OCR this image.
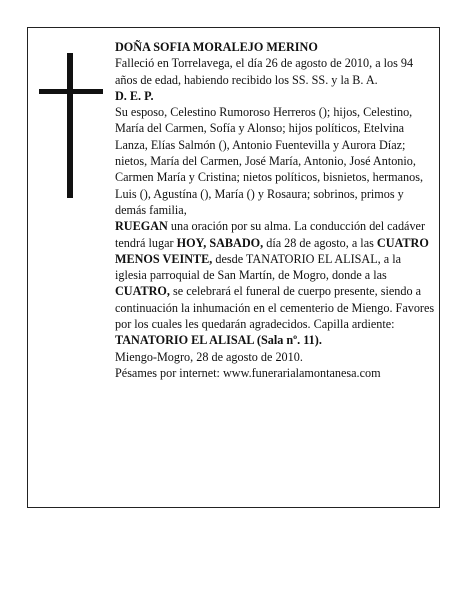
DOÑA SOFIA MORALEJO MERINO

Falleció en Torrelavega, el día 26 de agosto de 2010, a los 94 años de edad, habiendo recibido los SS. SS. y la B. A.

D. E. P.

Su esposo, Celestino Rumoroso Herreros (); hijos, Celestino, María del Carmen, Sofía y Alonso; hijos políticos, Etelvina Lanza, Elías Salmón (), Antonio Fuentevilla y Aurora Díaz; nietos, María del Carmen, José María, Antonio, José Antonio, Carmen María y Cristina; nietos políticos, bisnietos, hermanos, Luis (), Agustína (), María () y Rosaura; sobrinos, primos y demás familia,

RUEGAN una oración por su alma. La conducción del cadáver tendrá lugar HOY, SABADO, día 28 de agosto, a las CUATRO MENOS VEINTE, desde TANATORIO EL ALISAL, a la iglesia parroquial de San Martín, de Mogro, donde a las CUATRO, se celebrará el funeral de cuerpo presente, siendo a continuación la inhumación en el cementerio de Miengo. Favores por los cuales les quedarán agradecidos. Capilla ardiente: TANATORIO EL ALISAL (Sala nº. 11).

Miengo-Mogro, 28 de agosto de 2010.

Pésames por internet: www.funerarialamontanesa.com
